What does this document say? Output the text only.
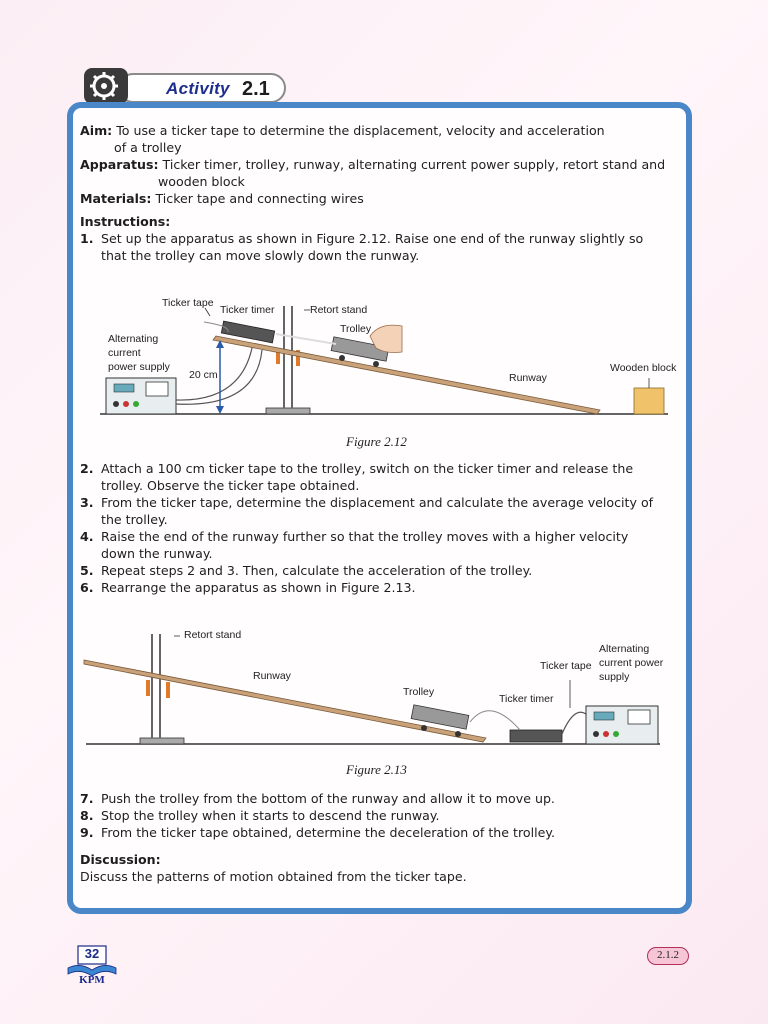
Activity 2.1
Aim: To use a ticker tape to determine the displacement, velocity and acceleration
of a trolley
Apparatus: Ticker timer, trolley, runway, alternating current power supply, retort stand and
wooden block
Materials: Ticker tape and connecting wires
Instructions:
1. Set up the apparatus as shown in Figure 2.12. Raise one end of the runway slightly so
that the trolley can move slowly down the runway.
Ticker tape
Ticker timer	Retort stand
Trolley
Alternating
current
power supply
20 cm	Runway
Wooden block
Figure 2.12
2. Attach a 100 cm ticker tape to the trolley, switch on the ticker timer and release the
trolley. Observe the ticker tape obtained.
3. From the ticker tape, determine the displacement and calculate the average velocity of
the trolley.
4. Raise the end of the runway further so that the trolley moves with a higher velocity
down the runway.
5. Repeat steps 2 and 3. Then, calculate the acceleration of the trolley.
6. Rearrange the apparatus as shown in Figure 2.13.
Retort stand
Runway
Trolley
Ticker tape
Ticker timer
Alternating
current power
supply
Figure 2.13
7. Push the trolley from the bottom of the runway and allow it to move up.
8. Stop the trolley when it starts to descend the runway.
9. From the ticker tape obtained, determine the deceleration of the trolley.
Discussion:
Discuss the patterns of motion obtained from the ticker tape.
32
KPM
2.1.2
